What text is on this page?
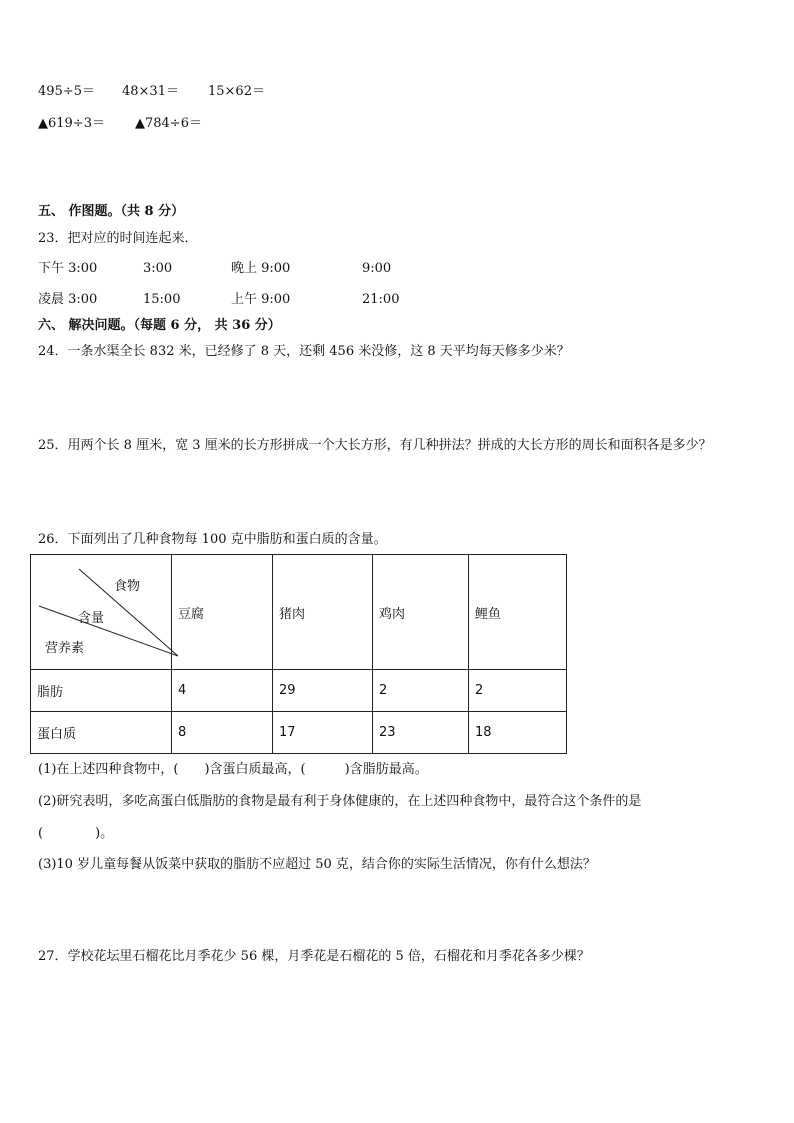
495÷5＝ 48×31＝ 15×62＝
▲619÷3＝ ▲784÷6＝
五、 作图题。（共 8 分）
23．把对应的时间连起来．
下午 3:00	3:00	晚上 9:00	9:00
凌晨 3:00	15:00	上午 9:00	21:00
六、 解决问题。（每题 6 分， 共 36 分）
24．一条水渠全长 832 米，已经修了 8 天，还剩 456 米没修，这 8 天平均每天修多少米？
25．用两个长 8 厘米，宽 3 厘米的长方形拼成一个大长方形，有几种拼法？拼成的大长方形的周长和面积各是多少？
26．下面列出了几种食物每 100 克中脂肪和蛋白质的含量。
食物
含量
营养素	豆腐	猪肉	鸡肉	鲤鱼
脂肪	4	29	2	2
蛋白质	8	17	23	18
(1)在上述四种食物中，(　　)含蛋白质最高，(　　　)含脂肪最高。
(2)研究表明，多吃高蛋白低脂肪的食物是最有利于身体健康的，在上述四种食物中，最符合这个条件的是
(　　　　)。
(3)10 岁儿童每餐从饭菜中获取的脂肪不应超过 50 克，结合你的实际生活情况，你有什么想法？
27．学校花坛里石榴花比月季花少 56 棵，月季花是石榴花的 5 倍，石榴花和月季花各多少棵？
